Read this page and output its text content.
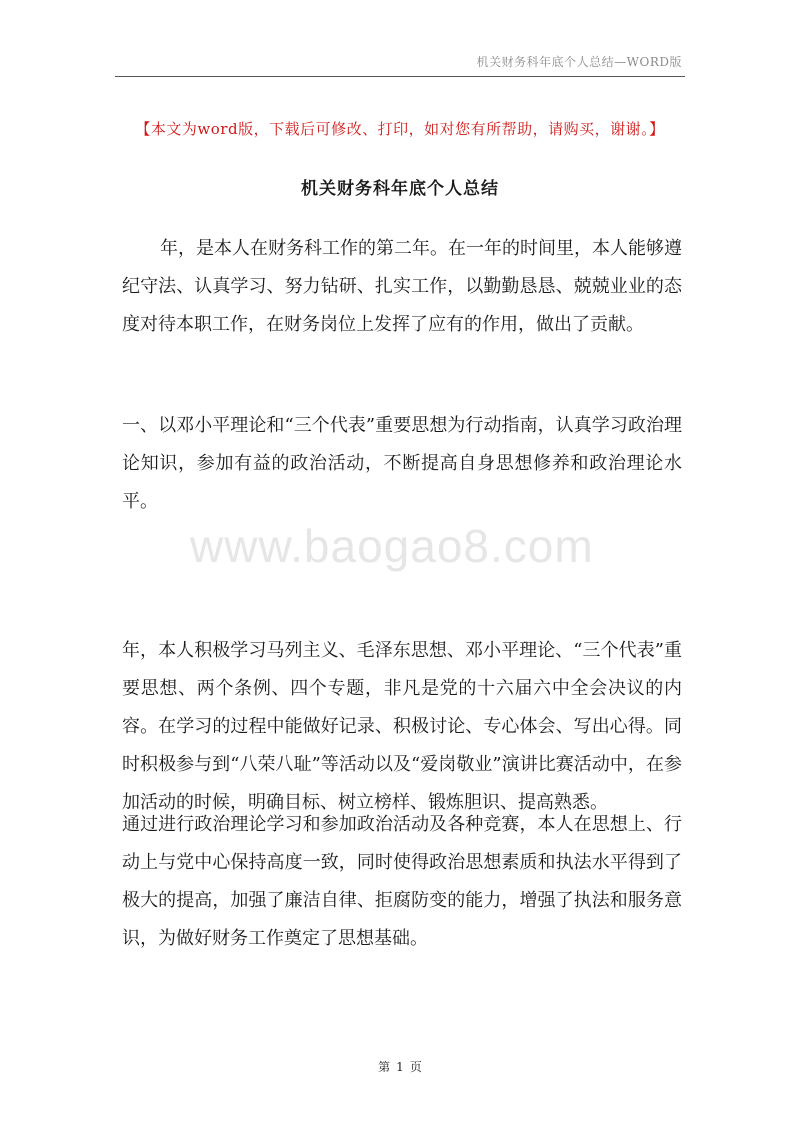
机关财务科年底个人总结—WORD版
【本文为word版，下载后可修改、打印，如对您有所帮助，请购买，谢谢。】
机关财务科年底个人总结
www.baogao8.com

年，是本人在财务科工作的第二年。在一年的时间里，本人能够遵纪守法、认真学习、努力钻研、扎实工作，以勤勤恳恳、兢兢业业的态度对待本职工作，在财务岗位上发挥了应有的作用，做出了贡献。

一、以邓小平理论和“三个代表”重要思想为行动指南，认真学习政治理论知识，参加有益的政治活动，不断提高自身思想修养和政治理论水平。

年，本人积极学习马列主义、毛泽东思想、邓小平理论、“三个代表”重要思想、两个条例、四个专题，非凡是党的十六届六中全会决议的内容。在学习的过程中能做好记录、积极讨论、专心体会、写出心得。同时积极参与到“八荣八耻”等活动以及“爱岗敬业”演讲比赛活动中，在参加活动的时候，明确目标、树立榜样、锻炼胆识、提高熟悉。

通过进行政治理论学习和参加政治活动及各种竞赛，本人在思想上、行动上与党中心保持高度一致，同时使得政治思想素质和执法水平得到了极大的提高，加强了廉洁自律、拒腐防变的能力，增强了执法和服务意识，为做好财务工作奠定了思想基础。

第 1 页
